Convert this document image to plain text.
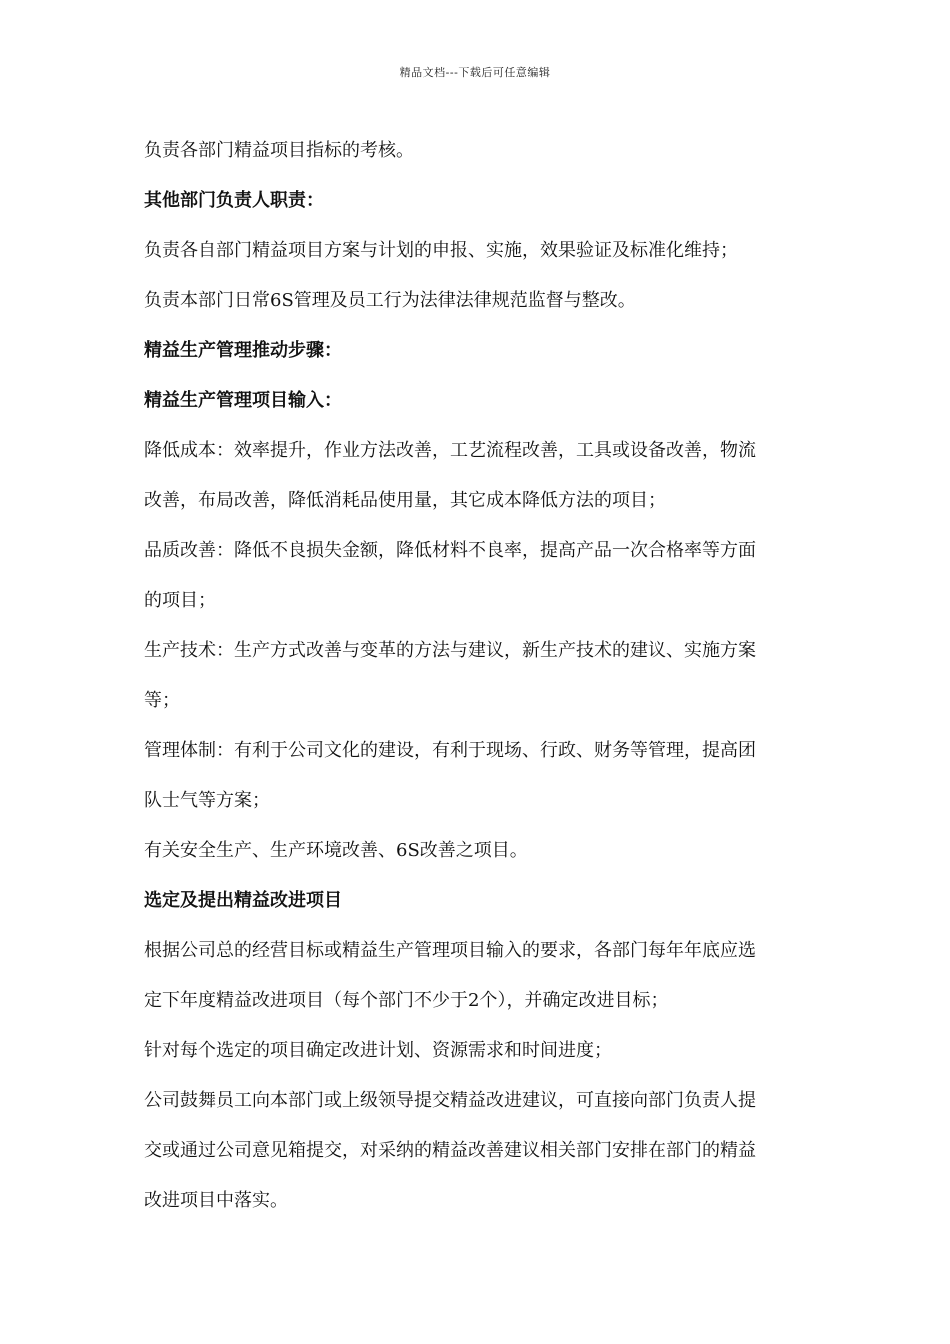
精品文档---下载后可任意编辑
负责各部门精益项目指标的考核。
其他部门负责人职责：
负责各自部门精益项目方案与计划的申报、实施，效果验证及标准化维持；
负责本部门日常6S管理及员工行为法律法律规范监督与整改。
精益生产管理推动步骤：
精益生产管理项目输入：
降低成本：效率提升，作业方法改善，工艺流程改善，工具或设备改善，物流
改善，布局改善，降低消耗品使用量，其它成本降低方法的项目；
品质改善：降低不良损失金额，降低材料不良率，提高产品一次合格率等方面
的项目；
生产技术：生产方式改善与变革的方法与建议，新生产技术的建议、实施方案
等；
管理体制：有利于公司文化的建设，有利于现场、行政、财务等管理，提高团
队士气等方案；
有关安全生产、生产环境改善、6S改善之项目。
选定及提出精益改进项目
根据公司总的经营目标或精益生产管理项目输入的要求，各部门每年年底应选
定下年度精益改进项目（每个部门不少于2个），并确定改进目标；
针对每个选定的项目确定改进计划、资源需求和时间进度；
公司鼓舞员工向本部门或上级领导提交精益改进建议，可直接向部门负责人提
交或通过公司意见箱提交，对采纳的精益改善建议相关部门安排在部门的精益
改进项目中落实。
